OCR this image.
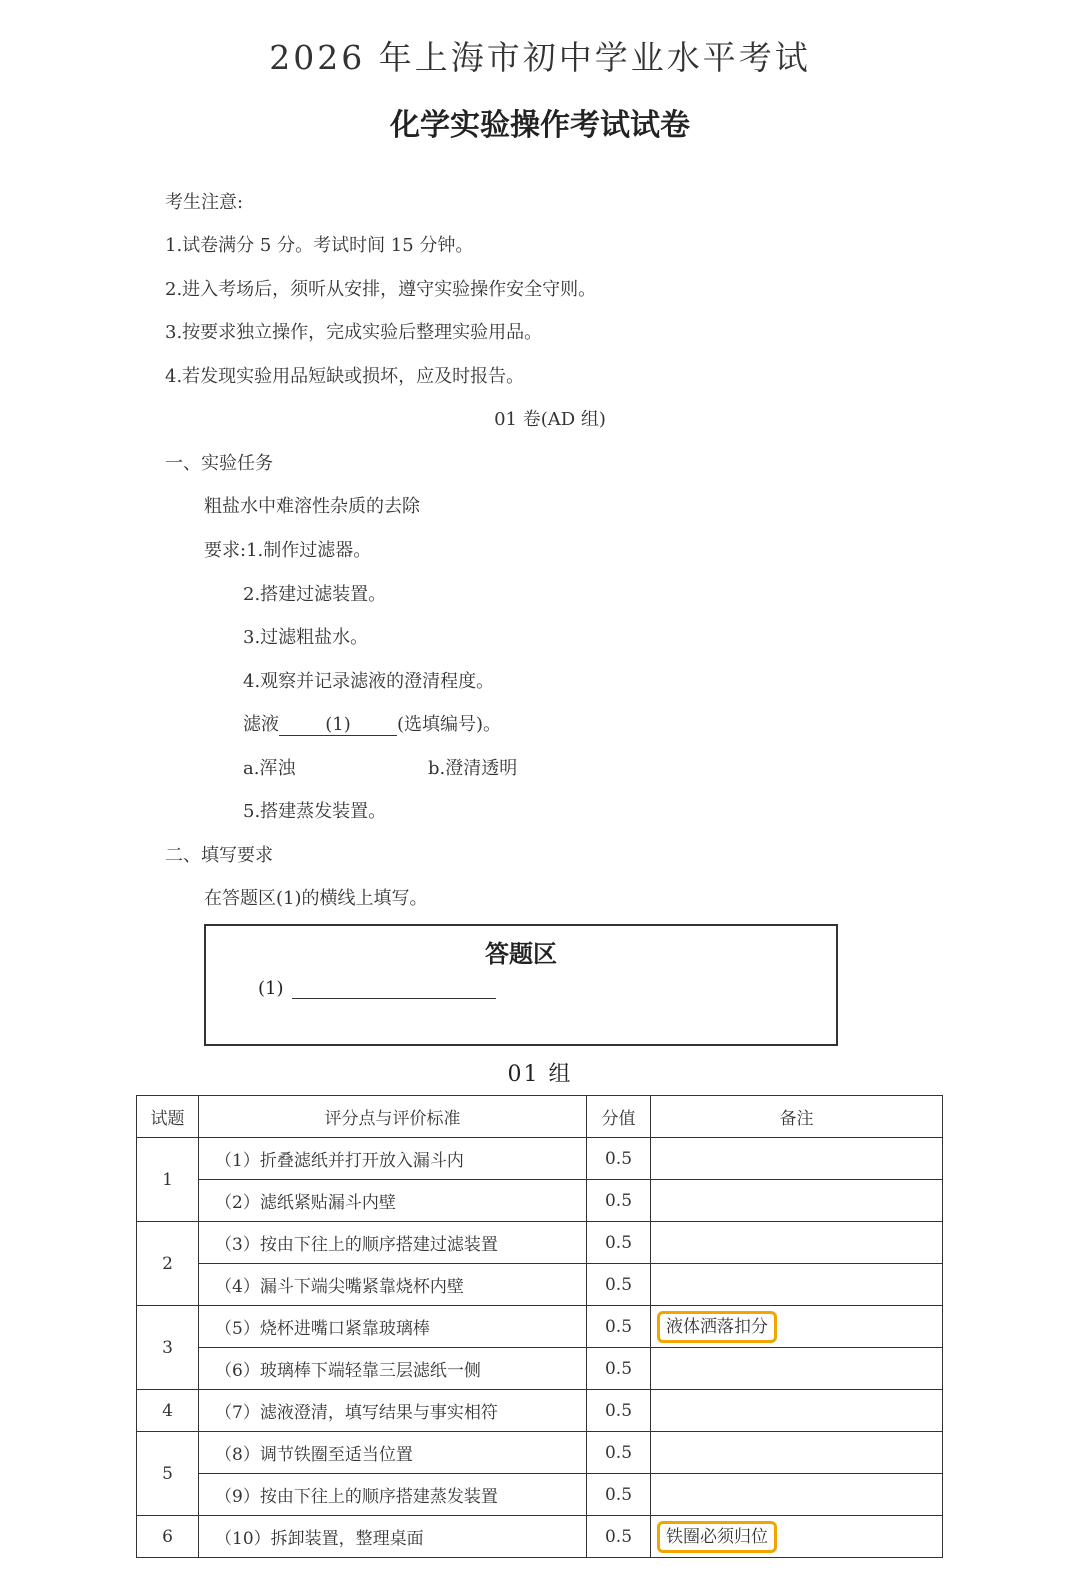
2026 年上海市初中学业水平考试
化学实验操作考试试卷
考生注意:
1.试卷满分 5 分。考试时间 15 分钟。
2.进入考场后，须听从安排，遵守实验操作安全守则。
3.按要求独立操作，完成实验后整理实验用品。
4.若发现实验用品短缺或损坏，应及时报告。
01 卷(AD 组)
一、实验任务
粗盐水中难溶性杂质的去除
要求:1.制作过滤器。
2.搭建过滤装置。
3.过滤粗盐水。
4.观察并记录滤液的澄清程度。
滤液	(1)	(选填编号)。
a.浑浊	b.澄清透明
5.搭建蒸发装置。
二、填写要求
在答题区(1)的横线上填写。
答题区
(1)
01 组
试题	评分点与评价标准	分值	备注
1	（1）折叠滤纸并打开放入漏斗内	0.5	
	（2）滤纸紧贴漏斗内壁	0.5	
2	（3）按由下往上的顺序搭建过滤装置	0.5	
	（4）漏斗下端尖嘴紧靠烧杯内壁	0.5	
3	（5）烧杯进嘴口紧靠玻璃棒	0.5	液体洒落扣分
	（6）玻璃棒下端轻靠三层滤纸一侧	0.5	
4	（7）滤液澄清，填写结果与事实相符	0.5	
5	（8）调节铁圈至适当位置	0.5	
	（9）按由下往上的顺序搭建蒸发装置	0.5	
6	（10）拆卸装置，整理桌面	0.5	铁圈必须归位
